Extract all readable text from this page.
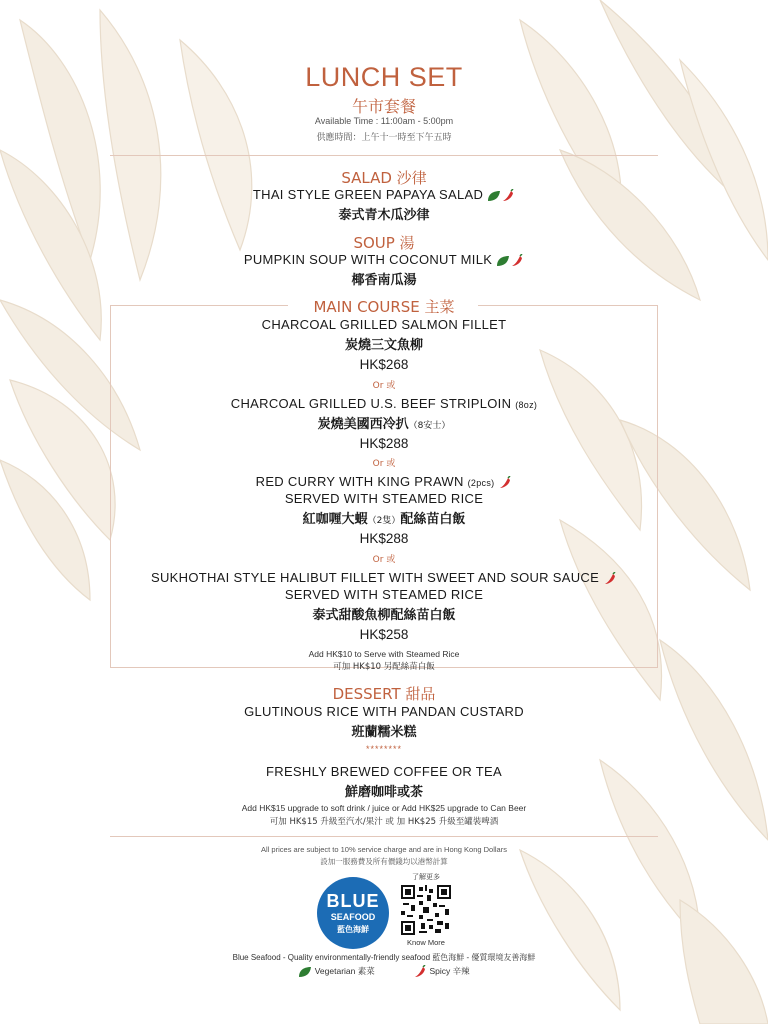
LUNCH SET
午市套餐
Available Time : 11:00am - 5:00pm
供應時間：上午十一時至下午五時
SALAD 沙律
THAI STYLE GREEN PAPAYA SALAD
泰式青木瓜沙律
SOUP 湯
PUMPKIN SOUP WITH COCONUT MILK
椰香南瓜湯
MAIN COURSE 主菜
CHARCOAL GRILLED SALMON FILLET
炭燒三文魚柳
HK$268
Or 或
CHARCOAL GRILLED U.S. BEEF STRIPLOIN (8oz)
炭燒美國西冷扒（8安士）
HK$288
Or 或
RED CURRY WITH KING PRAWN (2pcs)
SERVED WITH STEAMED RICE
紅咖喱大蝦（2隻）配絲苗白飯
HK$288
Or 或
SUKHOTHAI STYLE HALIBUT FILLET WITH SWEET AND SOUR SAUCE
SERVED WITH STEAMED RICE
泰式甜酸魚柳配絲苗白飯
HK$258
Add HK$10 to Serve with Steamed Rice
可加 HK$10 另配絲苗白飯
DESSERT 甜品
GLUTINOUS RICE WITH PANDAN CUSTARD
班蘭糯米糕
********
FRESHLY BREWED COFFEE OR TEA
鮮磨咖啡或茶
Add HK$15 upgrade to soft drink / juice or Add HK$25 upgrade to Can Beer
可加 HK$15 升級至汽水/果汁 或 加 HK$25 升級至罐裝啤酒
All prices are subject to 10% service charge and are in Hong Kong Dollars
設加一服務費及所有價錢均以港幣計算
BLUE
SEAFOOD
藍色海鮮
了解更多
Know More
Blue Seafood - Quality environmentally-friendly seafood 藍色海鮮 - 優質環境友善海鮮
Vegetarian 素菜	Spicy 辛辣
